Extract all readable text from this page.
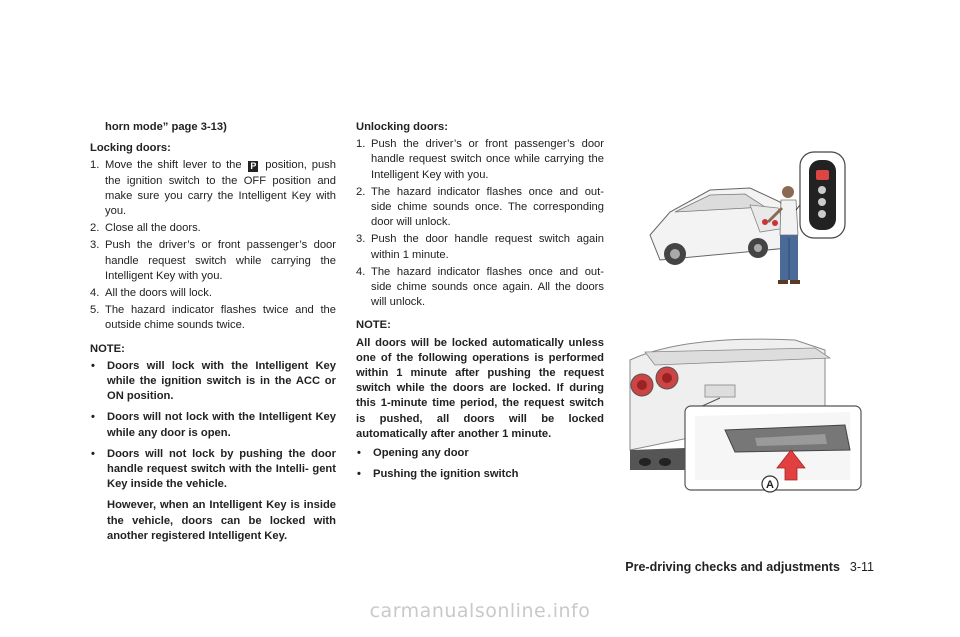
horn mode” page 3-13)
Locking doors:
1. Move the shift lever to the P position, push the ignition switch to the OFF position and make sure you carry the Intelligent Key with you.
2. Close all the doors.
3. Push the driver’s or front passenger’s door handle request switch while carrying the Intelligent Key with you.
4. All the doors will lock.
5. The hazard indicator flashes twice and the outside chime sounds twice.
NOTE:
• Doors will lock with the Intelligent Key while the ignition switch is in the ACC or ON position.
• Doors will not lock with the Intelligent Key while any door is open.
• Doors will not lock by pushing the door handle request switch with the Intelli- gent Key inside the vehicle.

However, when an Intelligent Key is inside the vehicle, doors can be locked with another registered Intelligent Key.

Unlocking doors:
1. Push the driver’s or front passenger’s door handle request switch once while carrying the Intelligent Key with you.
2. The hazard indicator flashes once and out- side chime sounds once. The corresponding door will unlock.
3. Push the door handle request switch again within 1 minute.
4. The hazard indicator flashes once and out- side chime sounds once again. All the doors will unlock.
NOTE:

All doors will be locked automatically unless one of the following operations is performed within 1 minute after pushing the request switch while the doors are locked. If during this 1-minute time period, the request switch is pushed, all doors will be locked automatically after another 1 minute.

• Opening any door
• Pushing the ignition switch
A
Pre-driving checks and adjustments 3-11
carmanualsonline.info
